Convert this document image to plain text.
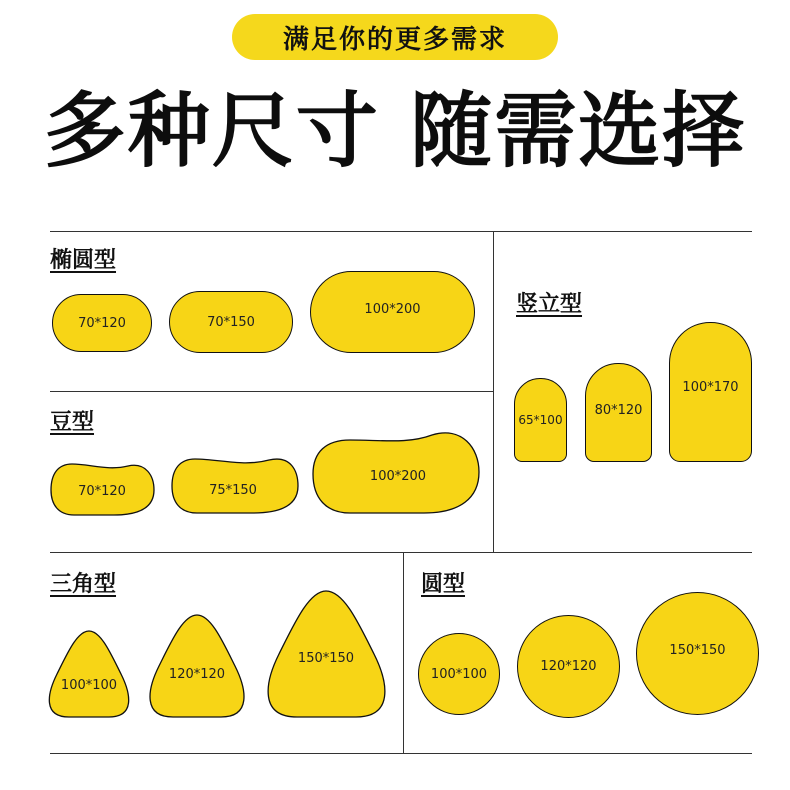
满足你的更多需求
多种尺寸 随需选择
椭圆型
70*120	70*150
100*200
豆型
70*120	75*150
100*200
竖立型
65*100
80*120
100*170
三角型
100*100
120*120
150*150
圆型
100*100	120*120
150*150
